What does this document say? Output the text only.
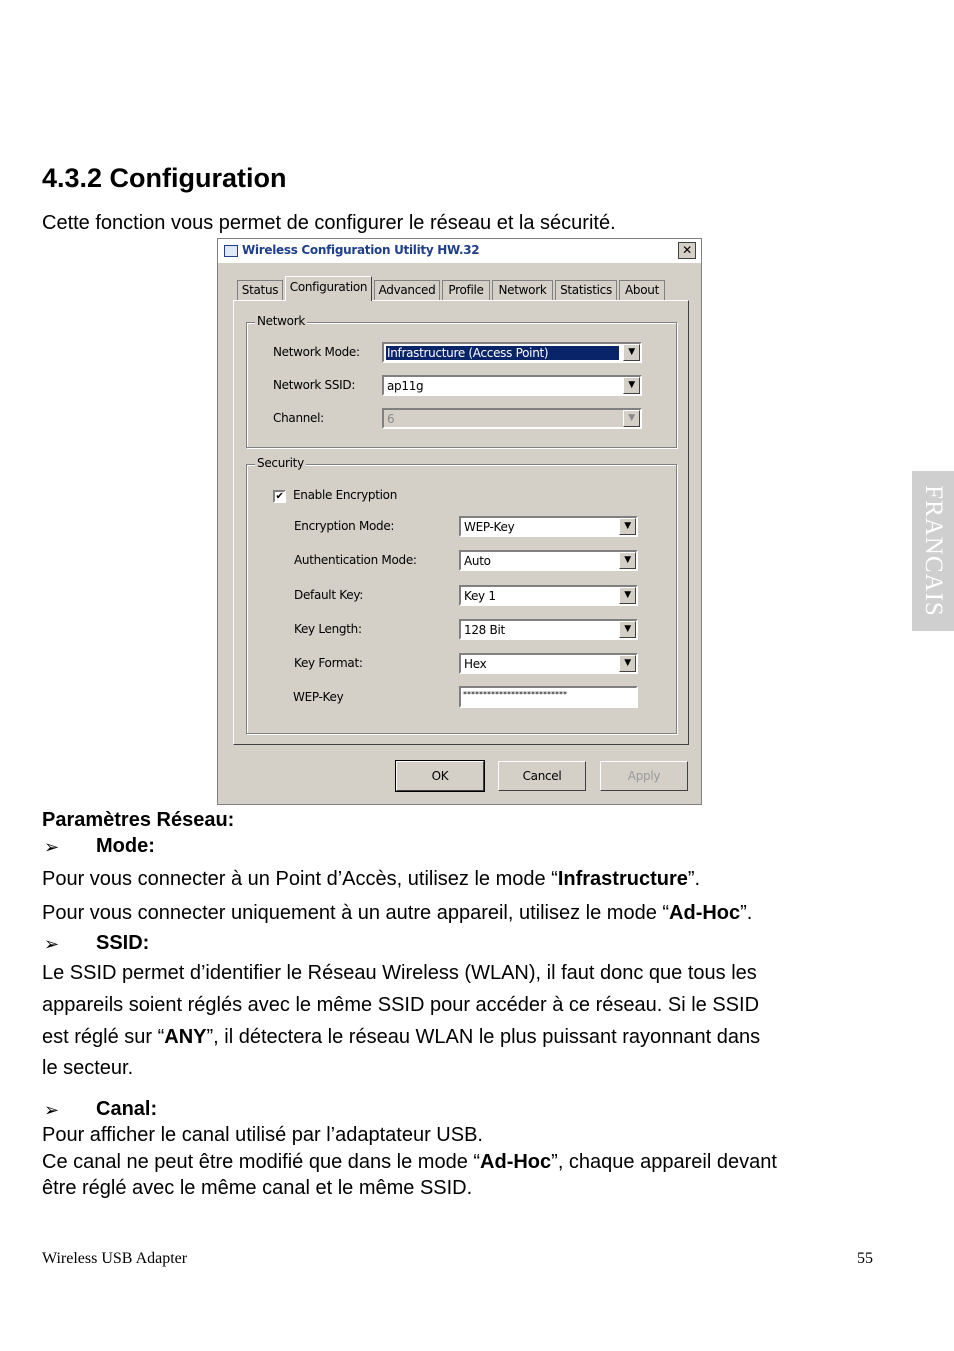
4.3.2 Configuration
Cette fonction vous permet de configurer le réseau et la sécurité.
FRANCAIS
Wireless Configuration Utility HW.32	✕
Status Configuration Advanced	Profile	Network	Statistics	About
Network
Network Mode: Infrastructure (Access Point)	▼
Network SSID:	ap11g	▼
Channel:	6	▼
Security
✔ Enable Encryption
Encryption Mode:	WEP-Key	▼
Authentication Mode:	Auto	▼
Default Key:	Key 1	▼
Key Length:	128 Bit	▼
Key Format:	Hex	▼
WEP-Key	**************************
OK	Cancel	Apply
Paramètres Réseau:
➢ Mode:
Pour vous connecter à un Point d’Accès, utilisez le mode “Infrastructure”.
Pour vous connecter uniquement à un autre appareil, utilisez le mode “Ad-Hoc”.
➢ SSID:
Le SSID permet d’identifier le Réseau Wireless (WLAN), il faut donc que tous les
appareils soient réglés avec le même SSID pour accéder à ce réseau. Si le SSID
est réglé sur “ANY”, il détectera le réseau WLAN le plus puissant rayonnant dans
le secteur.
➢ Canal:
Pour afficher le canal utilisé par l’adaptateur USB.
Ce canal ne peut être modifié que dans le mode “Ad-Hoc”, chaque appareil devant
être réglé avec le même canal et le même SSID.
Wireless USB Adapter	55
